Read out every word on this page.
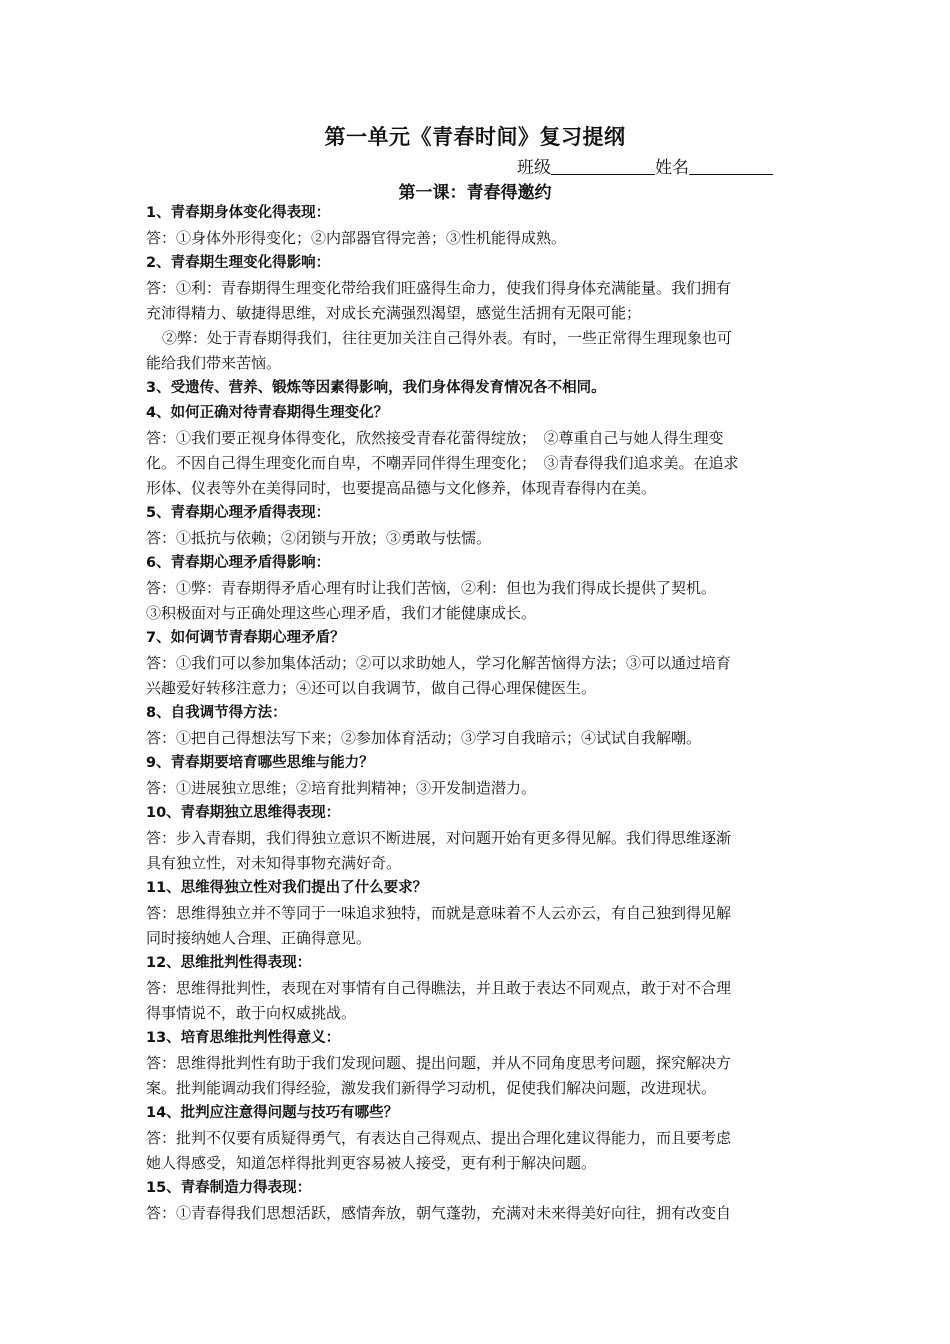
第一单元《青春时间》复习提纲
班级	姓名
第一课：青春得邀约
1、青春期身体变化得表现：
答：①身体外形得变化；②内部器官得完善；③性机能得成熟。
2、青春期生理变化得影响：
答：①利：青春期得生理变化带给我们旺盛得生命力，使我们得身体充满能量。我们拥有
充沛得精力、敏捷得思维，对成长充满强烈渴望，感觉生活拥有无限可能；
②弊：处于青春期得我们，往往更加关注自己得外表。有时，一些正常得生理现象也可
能给我们带来苦恼。
3、受遗传、营养、锻炼等因素得影响，我们身体得发育情况各不相同。
4、如何正确对待青春期得生理变化？
答：①我们要正视身体得变化，欣然接受青春花蕾得绽放；　②尊重自己与她人得生理变
化。不因自己得生理变化而自卑，不嘲弄同伴得生理变化；　③青春得我们追求美。在追求
形体、仪表等外在美得同时，也要提高品德与文化修养，体现青春得内在美。
5、青春期心理矛盾得表现：
答：①抵抗与依赖；②闭锁与开放；③勇敢与怯懦。
6、青春期心理矛盾得影响：
答：①弊：青春期得矛盾心理有时让我们苦恼，②利：但也为我们得成长提供了契机。
③积极面对与正确处理这些心理矛盾，我们才能健康成长。
7、如何调节青春期心理矛盾？
答：①我们可以参加集体活动；②可以求助她人，学习化解苦恼得方法；③可以通过培育
兴趣爱好转移注意力；④还可以自我调节，做自己得心理保健医生。
8、自我调节得方法：
答：①把自己得想法写下来；②参加体育活动；③学习自我暗示；④试试自我解嘲。
9、青春期要培育哪些思维与能力？
答：①进展独立思维；②培育批判精神；③开发制造潜力。
10、青春期独立思维得表现：
答：步入青春期，我们得独立意识不断进展，对问题开始有更多得见解。我们得思维逐渐
具有独立性，对未知得事物充满好奇。
11、思维得独立性对我们提出了什么要求？
答：思维得独立并不等同于一味追求独特，而就是意味着不人云亦云，有自己独到得见解
同时接纳她人合理、正确得意见。
12、思维批判性得表现：
答：思维得批判性，表现在对事情有自己得瞧法，并且敢于表达不同观点，敢于对不合理
得事情说不，敢于向权威挑战。
13、培育思维批判性得意义：
答：思维得批判性有助于我们发现问题、提出问题，并从不同角度思考问题，探究解决方
案。批判能调动我们得经验，激发我们新得学习动机，促使我们解决问题，改进现状。
14、批判应注意得问题与技巧有哪些？
答：批判不仅要有质疑得勇气，有表达自己得观点、提出合理化建议得能力，而且要考虑
她人得感受，知道怎样得批判更容易被人接受，更有利于解决问题。
15、青春制造力得表现：
答：①青春得我们思想活跃，感情奔放，朝气蓬勃，充满对未来得美好向往，拥有改变自
